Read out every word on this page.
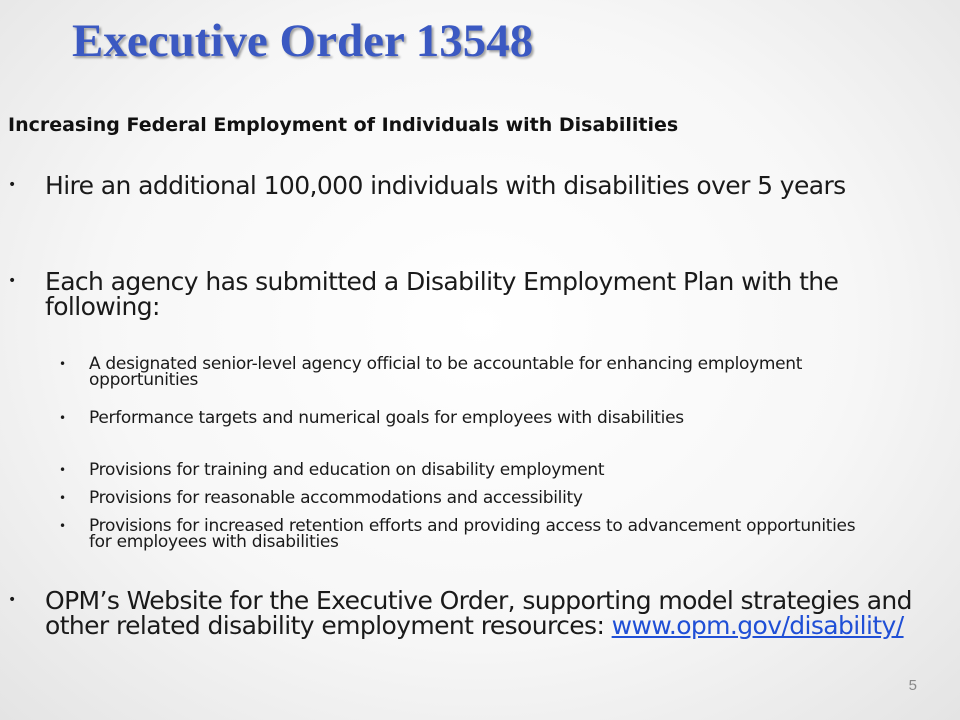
Executive Order 13548

Increasing Federal Employment of Individuals with Disabilities

• Hire an additional 100,000 individuals with disabilities over 5 years

• Each agency has submitted a Disability Employment Plan with the following:

• A designated senior-level agency official to be accountable for enhancing employment opportunities

• Performance targets and numerical goals for employees with disabilities

• Provisions for training and education on disability employment

• Provisions for reasonable accommodations and accessibility

• Provisions for increased retention efforts and providing access to advancement opportunities for employees with disabilities

• OPM’s Website for the Executive Order, supporting model strategies and other related disability employment resources: www.opm.gov/disability/

5
